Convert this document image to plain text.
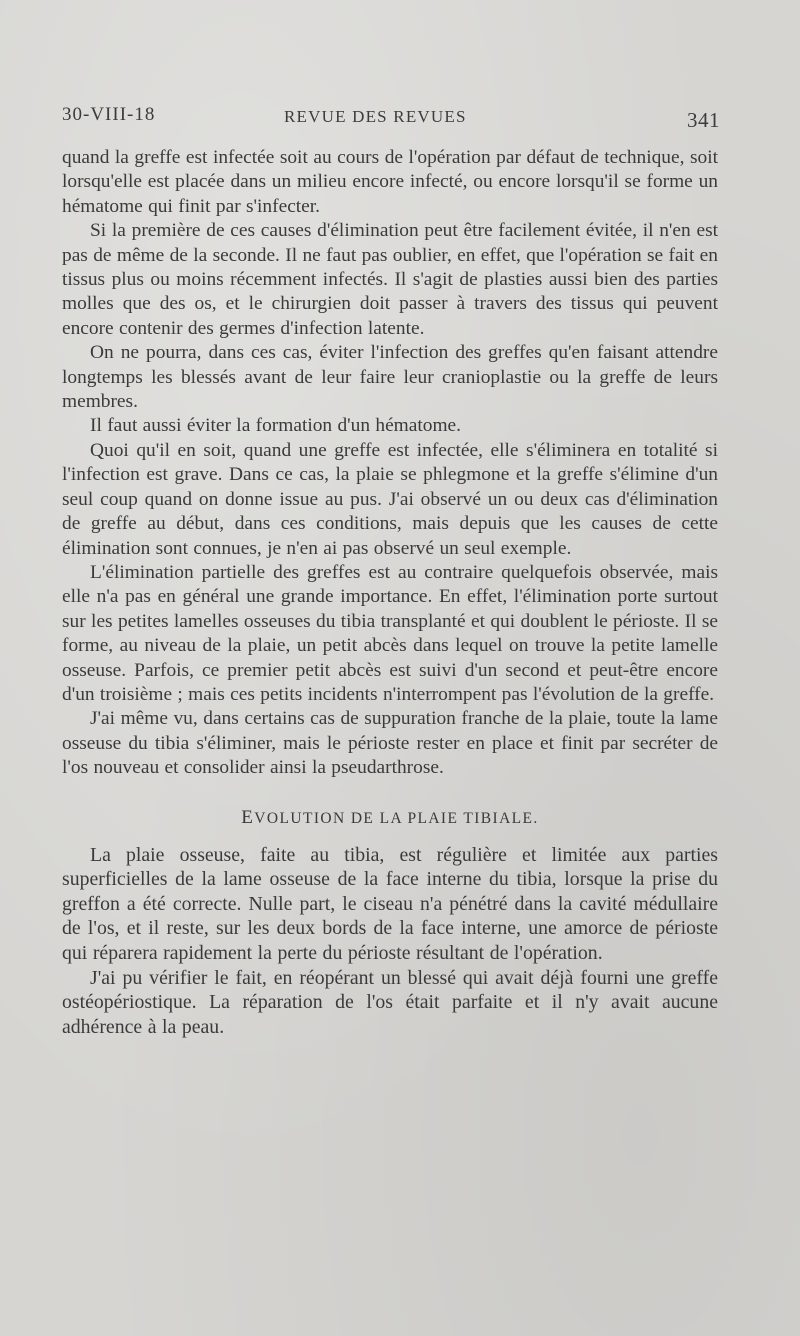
30-VIII-18	REVUE DES REVUES	341

quand la greffe est infectée soit au cours de l'opération par défaut de technique, soit lorsqu'elle est placée dans un milieu encore infecté, ou encore lorsqu'il se forme un hématome qui finit par s'infecter.

Si la première de ces causes d'élimination peut être facilement évitée, il n'en est pas de même de la seconde. Il ne faut pas oublier, en effet, que l'opération se fait en tissus plus ou moins récemment infectés. Il s'agit de plasties aussi bien des parties molles que des os, et le chirurgien doit passer à travers des tissus qui peuvent encore contenir des germes d'infection latente.

On ne pourra, dans ces cas, éviter l'infection des greffes qu'en faisant attendre longtemps les blessés avant de leur faire leur cranioplastie ou la greffe de leurs membres.

Il faut aussi éviter la formation d'un hématome.

Quoi qu'il en soit, quand une greffe est infectée, elle s'éliminera en totalité si l'infection est grave. Dans ce cas, la plaie se phlegmone et la greffe s'élimine d'un seul coup quand on donne issue au pus. J'ai observé un ou deux cas d'élimination de greffe au début, dans ces conditions, mais depuis que les causes de cette élimination sont connues, je n'en ai pas observé un seul exemple.

L'élimination partielle des greffes est au contraire quelquefois observée, mais elle n'a pas en général une grande importance. En effet, l'élimination porte surtout sur les petites lamelles osseuses du tibia transplanté et qui doublent le périoste. Il se forme, au niveau de la plaie, un petit abcès dans lequel on trouve la petite lamelle osseuse. Parfois, ce premier petit abcès est suivi d'un second et peut-être encore d'un troisième ; mais ces petits incidents n'interrompent pas l'évolution de la greffe.

J'ai même vu, dans certains cas de suppuration franche de la plaie, toute la lame osseuse du tibia s'éliminer, mais le périoste rester en place et finit par secréter de l'os nouveau et consolider ainsi la pseudarthrose.

EVOLUTION DE LA PLAIE TIBIALE.

La plaie osseuse, faite au tibia, est régulière et limitée aux parties superficielles de la lame osseuse de la face interne du tibia, lorsque la prise du greffon a été correcte. Nulle part, le ciseau n'a pénétré dans la cavité médullaire de l'os, et il reste, sur les deux bords de la face interne, une amorce de périoste qui réparera rapidement la perte du périoste résultant de l'opération.

J'ai pu vérifier le fait, en réopérant un blessé qui avait déjà fourni une greffe ostéopériostique. La réparation de l'os était parfaite et il n'y avait aucune adhérence à la peau.
